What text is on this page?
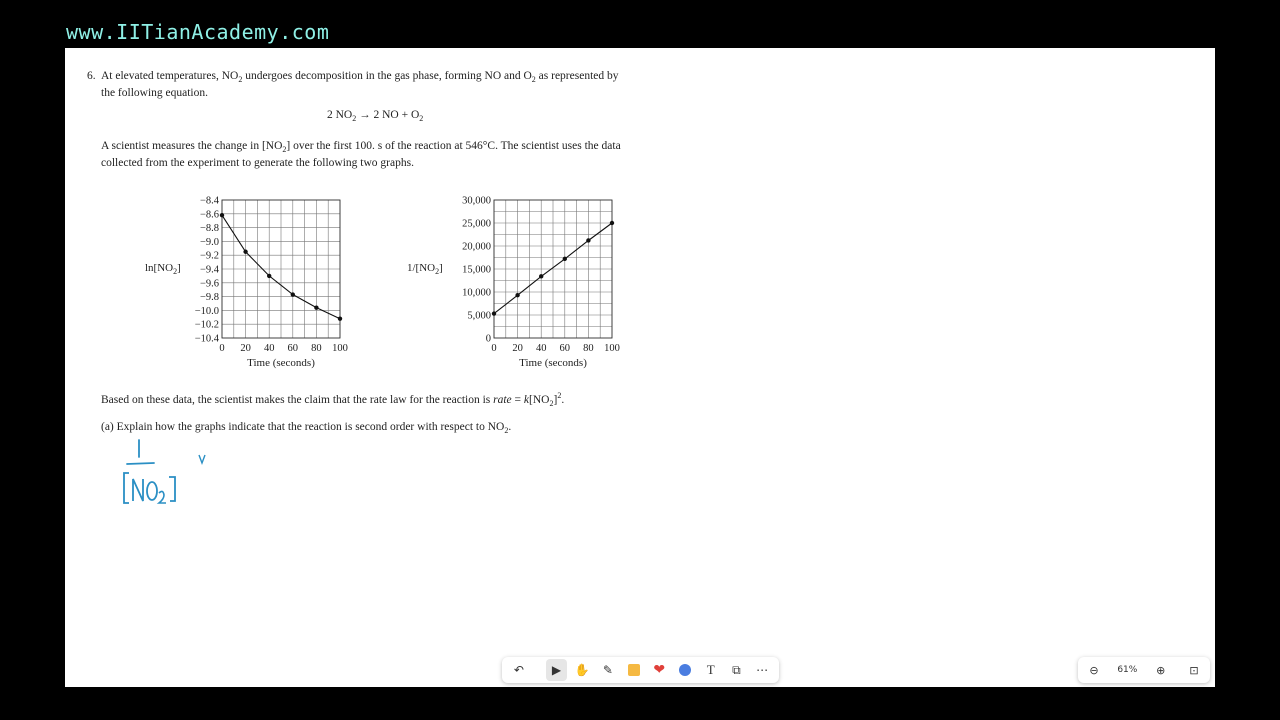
www.IITianAcademy.com
6. At elevated temperatures, $NO_2$ undergoes decomposition in the gas phase, forming NO and $O_2$ as represented by
the following equation.
2 $NO_2 \to 2$ NO + $O_2$
A scientist measures the change in $[NO_2]$ over the first 100. s of the reaction at 546°C. The scientist uses the data
collected from the experiment to generate the following two graphs.
−8.4
−8.6
−8.8
−9.0
−9.2
−9.4
−9.6
−9.8
−10.0
−10.2
−10.4
0 20 40 60 80 100
Time (seconds)
$\ln[NO_2]$
30,000
25,000
20,000
15,000
10,000
5,000
0
0 20 40 60 80 100
Time (seconds)
$1/[NO_2]$
Based on these data, the scientist makes the claim that the rate law for the reaction is rate = $k[NO_2]^2$.
(a) Explain how the graphs indicate that the reaction is second order with respect to $NO_2$.
↶	▶	✋	✎	❤	T	⧉	⋯	⊖	61%	⊕	⊡
